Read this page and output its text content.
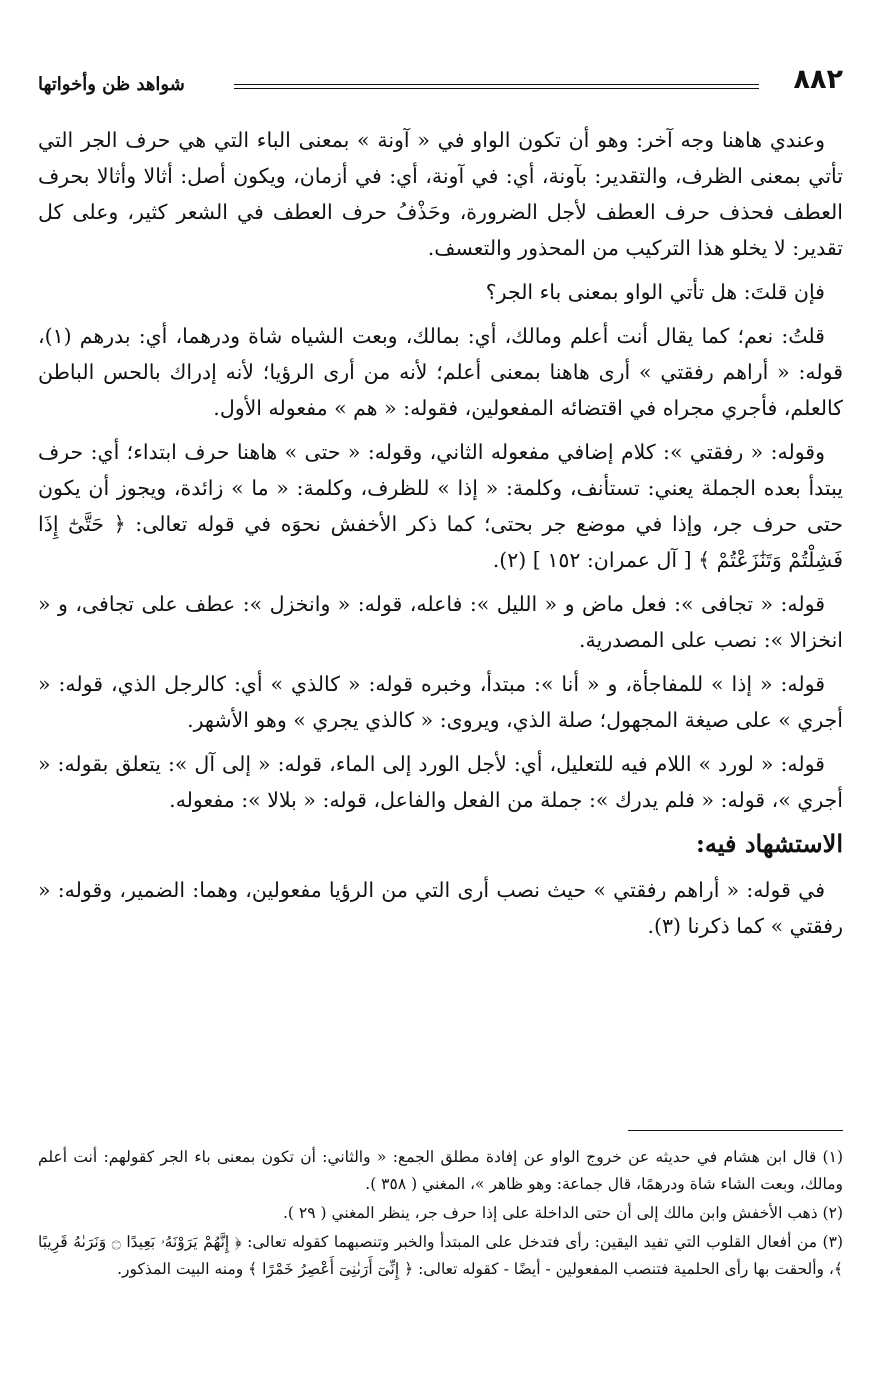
٨٨٢
شواهد ظن وأخواتها

وعندي هاهنا وجه آخر: وهو أن تكون الواو في « آونة » بمعنى الباء التي هي حرف الجر التي تأتي بمعنى الظرف، والتقدير: بآونة، أي: في آونة، أي: في أزمان، ويكون أصل: أثالا وأثالا بحرف العطف فحذف حرف العطف لأجل الضرورة، وحَذْفُ حرف العطف في الشعر كثير، وعلى كل تقدير: لا يخلو هذا التركيب من المحذور والتعسف.

فإن قلتَ: هل تأتي الواو بمعنى باء الجر؟

قلتُ: نعم؛ كما يقال أنت أعلم ومالك، أي: بمالك، وبعت الشياه شاة ودرهما، أي: بدرهم (١)، قوله: « أراهم رفقتي » أرى هاهنا بمعنى أعلم؛ لأنه من أرى الرؤيا؛ لأنه إدراك بالحس الباطن كالعلم، فأجري مجراه في اقتضائه المفعولين، فقوله: « هم » مفعوله الأول.

وقوله: « رفقتي »: كلام إضافي مفعوله الثاني، وقوله: « حتى » هاهنا حرف ابتداء؛ أي: حرف يبتدأ بعده الجملة يعني: تستأنف، وكلمة: « إذا » للظرف، وكلمة: « ما » زائدة، ويجوز أن يكون حتى حرف جر، وإذا في موضع جر بحتى؛ كما ذكر الأخفش نحوَه في قوله تعالى: ﴿ حَتَّىٰٓ إِذَا فَشِلْتُمْ وَتَنَٰزَعْتُمْ ﴾ [ آل عمران: ١٥٢ ] (٢).

قوله: « تجافى »: فعل ماض و « الليل »: فاعله، قوله: « وانخزل »: عطف على تجافى، و « انخزالا »: نصب على المصدرية.

قوله: « إذا » للمفاجأة، و « أنا »: مبتدأ، وخبره قوله: « كالذي » أي: كالرجل الذي، قوله: « أجري » على صيغة المجهول؛ صلة الذي، ويروى: « كالذي يجري » وهو الأشهر.

قوله: « لورد » اللام فيه للتعليل، أي: لأجل الورد إلى الماء، قوله: « إلى آل »: يتعلق بقوله: « أجري »، قوله: « فلم يدرك »: جملة من الفعل والفاعل، قوله: « بلالا »: مفعوله.

الاستشهاد فيه:

في قوله: « أراهم رفقتي » حيث نصب أرى التي من الرؤيا مفعولين، وهما: الضمير، وقوله: « رفقتي » كما ذكرنا (٣).

(١) قال ابن هشام في حديثه عن خروج الواو عن إفادة مطلق الجمع: « والثاني: أن تكون بمعنى باء الجر كقولهم: أنت أعلم ومالك، وبعت الشاء شاة ودرهمًا، قال جماعة: وهو ظاهر »، المغني ( ٣٥٨ ).

(٢) ذهب الأخفش وابن مالك إلى أن حتى الداخلة على إذا حرف جر، ينظر المغني ( ٢٩ ).

(٣) من أفعال القلوب التي تفيد اليقين: رأى فتدخل على المبتدأ والخبر وتنصبهما كقوله تعالى: ﴿ إِنَّهُمْ يَرَوْنَهُۥ بَعِيدًا ۝ وَنَرَىٰهُ قَرِيبًا ﴾، وألحقت بها رأى الحلمية فتنصب المفعولين - أيضًا - كقوله تعالى: ﴿ إِنِّىٓ أَرَىٰنِىٓ أَعْصِرُ خَمْرًا ﴾ ومنه البيت المذكور.
